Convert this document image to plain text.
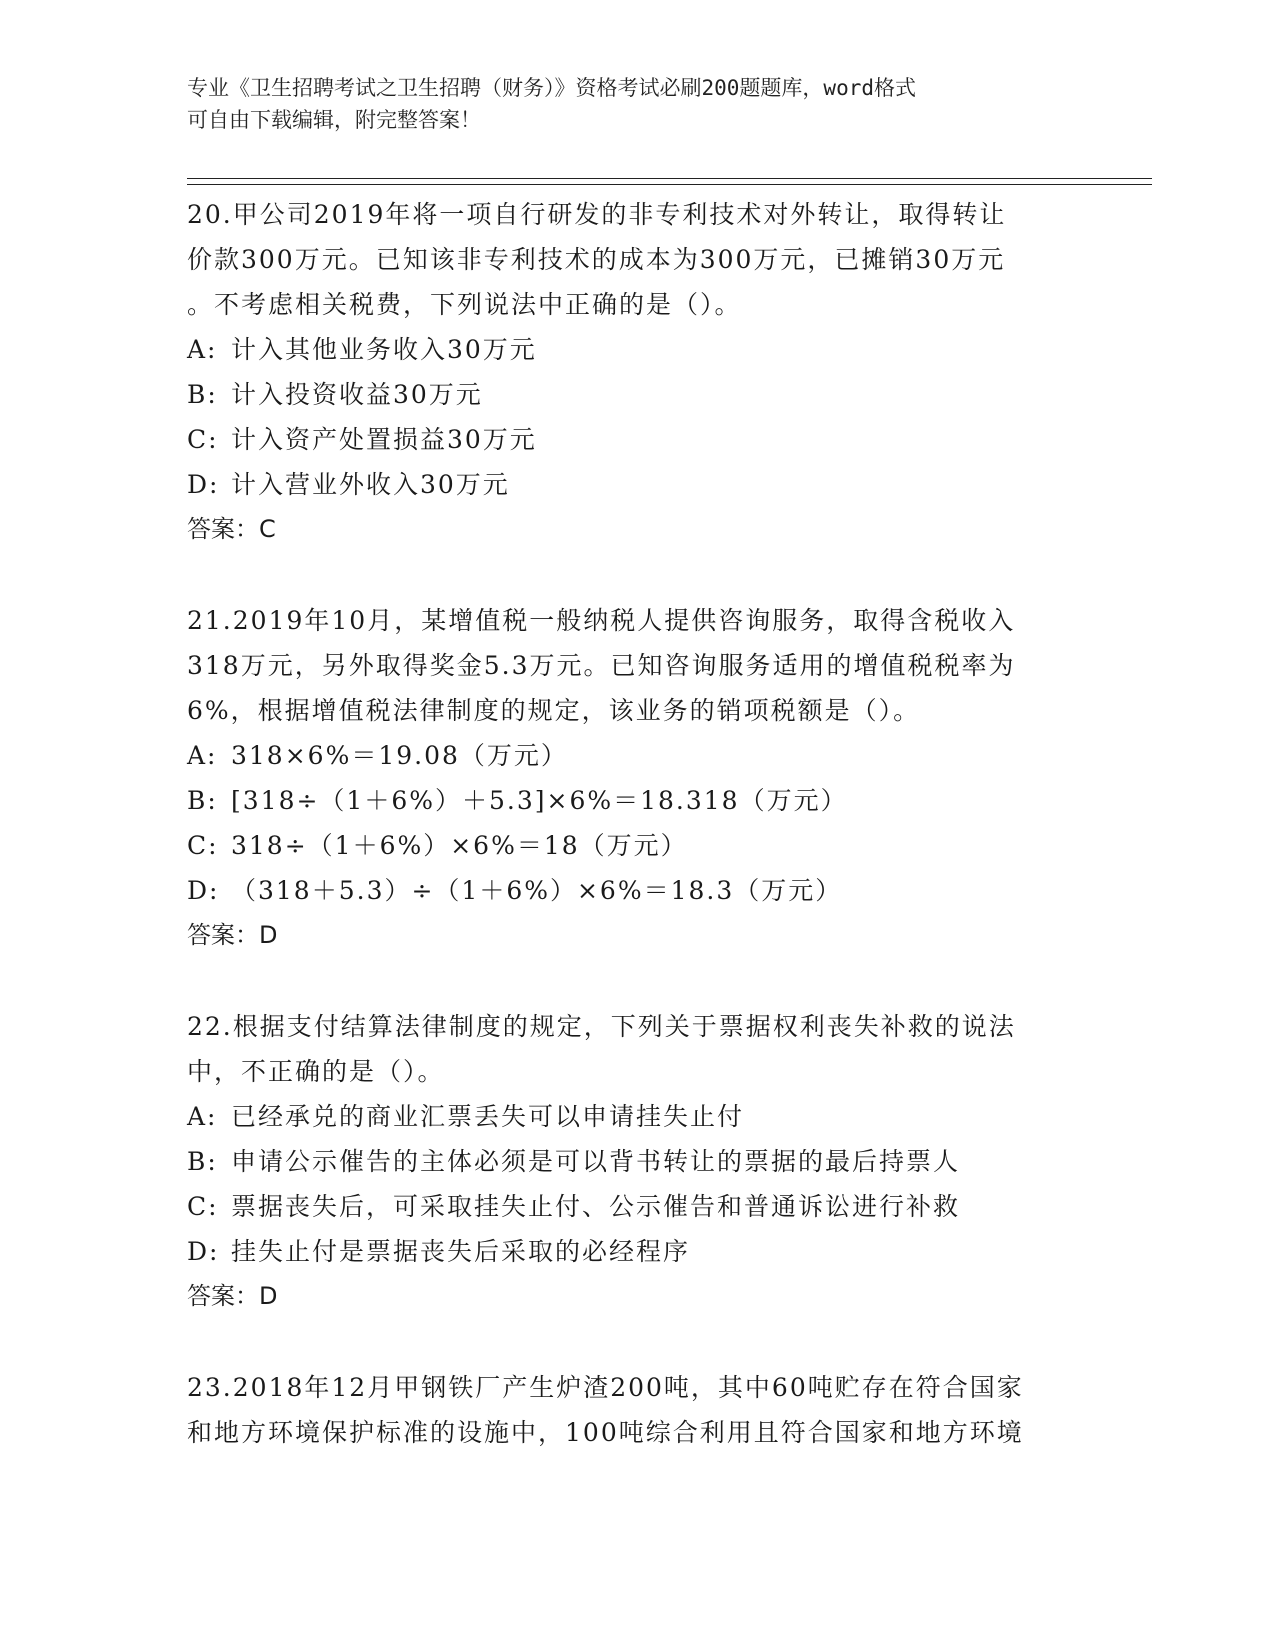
专业《卫生招聘考试之卫生招聘（财务）》资格考试必刷200题题库，word格式
可自由下载编辑，附完整答案！

20.甲公司2019年将一项自行研发的非专利技术对外转让，取得转让

价款300万元。已知该非专利技术的成本为300万元，已摊销30万元

。不考虑相关税费，下列说法中正确的是（）。

A: 计入其他业务收入30万元

B: 计入投资收益30万元

C: 计入资产处置损益30万元

D: 计入营业外收入30万元

答案：C

21.2019年10月，某增值税一般纳税人提供咨询服务，取得含税收入

318万元，另外取得奖金5.3万元。已知咨询服务适用的增值税税率为

6%，根据增值税法律制度的规定，该业务的销项税额是（）。

A: 318×6%＝19.08（万元）

B: [318÷（1＋6%）＋5.3]×6%＝18.318（万元）

C: 318÷（1＋6%）×6%＝18（万元）

D: （318＋5.3）÷（1＋6%）×6%＝18.3（万元）

答案：D

22.根据支付结算法律制度的规定，下列关于票据权利丧失补救的说法

中，不正确的是（）。

A: 已经承兑的商业汇票丢失可以申请挂失止付

B: 申请公示催告的主体必须是可以背书转让的票据的最后持票人

C: 票据丧失后，可采取挂失止付、公示催告和普通诉讼进行补救

D: 挂失止付是票据丧失后采取的必经程序

答案：D

23.2018年12月甲钢铁厂产生炉渣200吨，其中60吨贮存在符合国家

和地方环境保护标准的设施中，100吨综合利用且符合国家和地方环境
